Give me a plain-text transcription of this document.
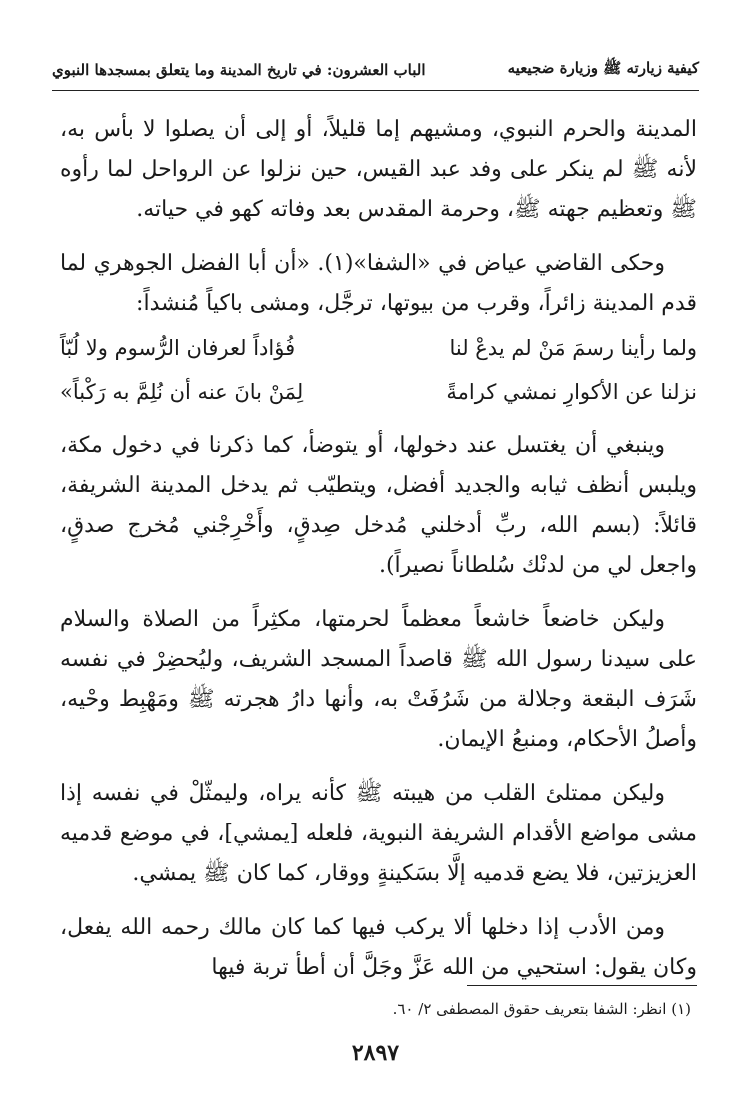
كيفية زيارته ﷺ وزيارة ضجيعيه
الباب العشرون: في تاريخ المدينة وما يتعلق بمسجدها النبوي

المدينة والحرم النبوي، ومشيهم إما قليلاً، أو إلى أن يصلوا لا بأس به، لأنه ﷺ لم ينكر على وفد عبد القيس، حين نزلوا عن الرواحل لما رأوه ﷺ وتعظيم جهته ﷺ، وحرمة المقدس بعد وفاته كهو في حياته.

وحكى القاضي عياض في «الشفا»(١). «أن أبا الفضل الجوهري لما قدم المدينة زائراً، وقرب من بيوتها، ترجَّل، ومشى باكياً مُنشداً:

ولما رأينا رسمَ مَنْ لم يدعْ لنا
فُؤاداً لعرفان الرُّسوم ولا لُبّاً
نزلنا عن الأكوارِ نمشي كرامةً
لِمَنْ بانَ عنه أن نُلِمَّ به رَكْباً»

وينبغي أن يغتسل عند دخولها، أو يتوضأ، كما ذكرنا في دخول مكة، ويلبس أنظف ثيابه والجديد أفضل، ويتطيّب ثم يدخل المدينة الشريفة، قائلاً: (بسم الله، ربِّ أدخلني مُدخل صِدقٍ، وأَخْرِجْني مُخرج صدقٍ، واجعل لي من لدنْك سُلطاناً نصيراً).

وليكن خاضعاً خاشعاً معظماً لحرمتها، مكثِراً من الصلاة والسلام على سيدنا رسول الله ﷺ قاصداً المسجد الشريف، وليُحضِرْ في نفسه شَرَف البقعة وجلالة من شَرُفَتْ به، وأنها دارُ هجرته ﷺ ومَهْبِط وحْيه، وأصلُ الأحكام، ومنبعُ الإيمان.

وليكن ممتلئ القلب من هيبته ﷺ كأنه يراه، وليمثّلْ في نفسه إذا مشى مواضع الأقدام الشريفة النبوية، فلعله [يمشي]، في موضع قدميه العزيزتين، فلا يضع قدميه إلَّا بسَكينةٍ ووقار، كما كان ﷺ يمشي.

ومن الأدب إذا دخلها ألا يركب فيها كما كان مالك رحمه الله يفعل، وكان يقول: استحيي من الله عَزَّ وجَلَّ أن أطأ تربة فيها

(١) انظر: الشفا بتعريف حقوق المصطفى ٢/ ٦٠.
٢٨٩٧
